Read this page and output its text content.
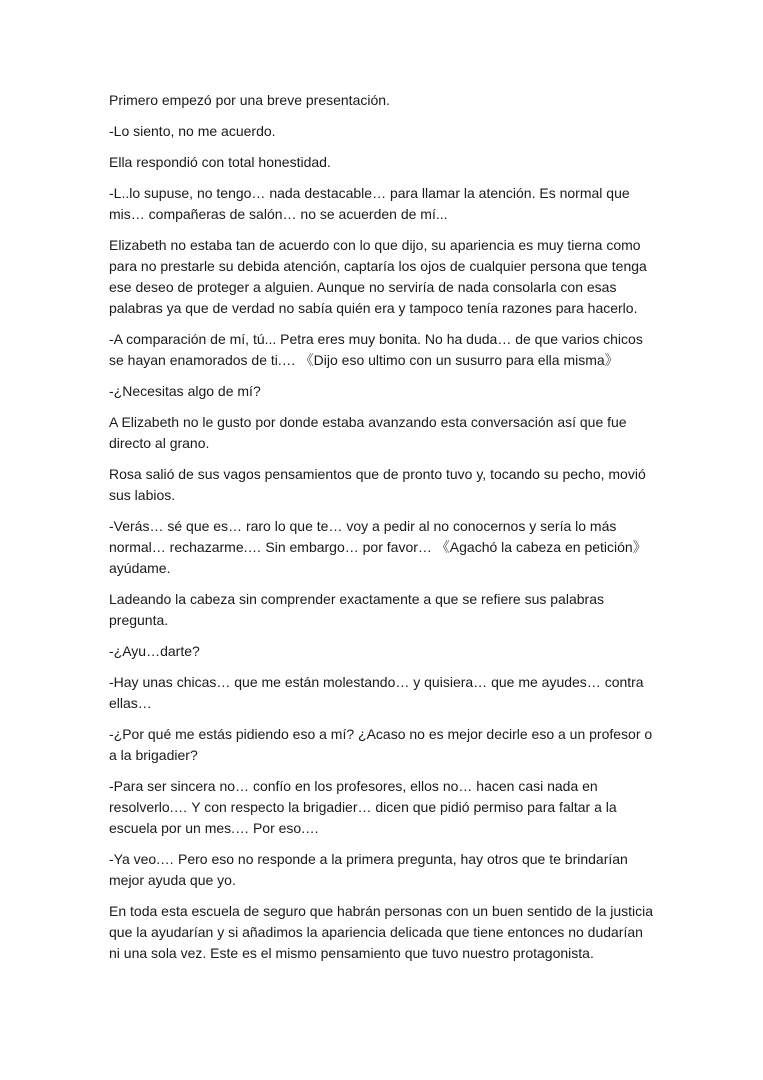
Primero empezó por una breve presentación.

-Lo siento, no me acuerdo.

Ella respondió con total honestidad.

-L..lo supuse, no tengo… nada destacable… para llamar la atención. Es normal que mis… compañeras de salón… no se acuerden de mí...

Elizabeth no estaba tan de acuerdo con lo que dijo, su apariencia es muy tierna como para no prestarle su debida atención, captaría los ojos de cualquier persona que tenga ese deseo de proteger a alguien. Aunque no serviría de nada consolarla con esas palabras ya que de verdad no sabía quién era y tampoco tenía razones para hacerlo.

-A comparación de mí, tú... Petra eres muy bonita. No ha duda… de que varios chicos se hayan enamorados de ti.… 《Dijo eso ultimo con un susurro para ella misma》

-¿Necesitas algo de mí?

A Elizabeth no le gusto por donde estaba avanzando esta conversación así que fue directo al grano.

Rosa salió de sus vagos pensamientos que de pronto tuvo y, tocando su pecho, movió sus labios.

-Verás… sé que es… raro lo que te… voy a pedir al no conocernos y sería lo más normal… rechazarme.… Sin embargo… por favor… 《Agachó la cabeza en petición》 ayúdame.

Ladeando la cabeza sin comprender exactamente a que se refiere sus palabras pregunta.

-¿Ayu…darte?

-Hay unas chicas… que me están molestando… y quisiera… que me ayudes… contra ellas…

-¿Por qué me estás pidiendo eso a mí? ¿Acaso no es mejor decirle eso a un profesor o a la brigadier?

-Para ser sincera no… confío en los profesores, ellos no… hacen casi nada en resolverlo.… Y con respecto la brigadier… dicen que pidió permiso para faltar a la escuela por un mes.… Por eso.…

-Ya veo.… Pero eso no responde a la primera pregunta, hay otros que te brindarían mejor ayuda que yo.

En toda esta escuela de seguro que habrán personas con un buen sentido de la justicia que la ayudarían y si añadimos la apariencia delicada que tiene entonces no dudarían ni una sola vez. Este es el mismo pensamiento que tuvo nuestro protagonista.
